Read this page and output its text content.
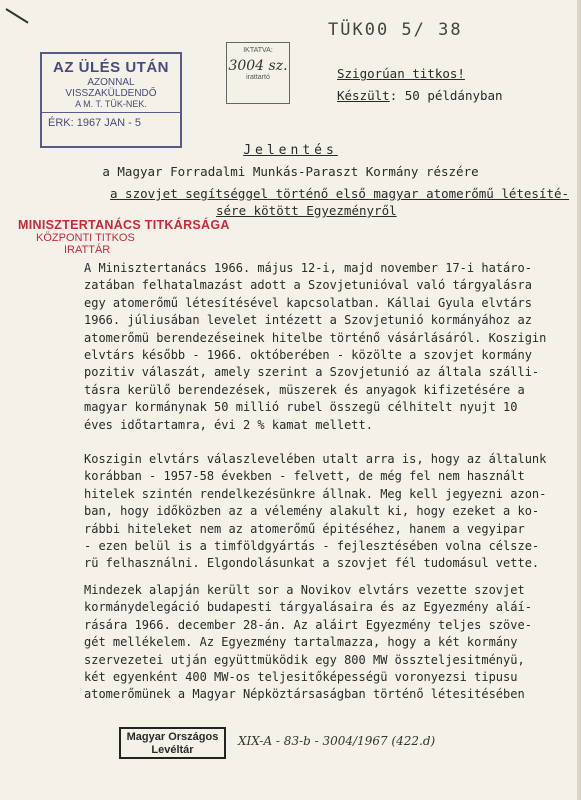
AZ ÜLÉS UTÁN
AZONNAL
VISSZAKÜLDENDŐ
A M. T. TÜK-NEK.
ÉRK: 1967 JAN - 5
IKTATVA:
3004 sz.
irattartó
TÜK00 5/ 38
Szigorúan titkos!
Készült: 50 példányban
Jelentés
a Magyar Forradalmi Munkás-Paraszt Kormány részére
a szovjet segítséggel történő első magyar atomerőmű létesíté-
sére kötött Egyezményről
MINISZTERTANÁCS TITKÁRSÁGA
KÖZPONTI TITKOS
IRATTÁR
A Minisztertanács 1966. május 12-i, majd november 17-i határo-
zatában felhatalmazást adott a Szovjetunióval való tárgyalásra
egy atomerőmű létesítésével kapcsolatban. Kállai Gyula elvtárs
1966. júliusában levelet intézett a Szovjetunió kormányához az
atomerőmü berendezéseinek hitelbe történő vásárlásáról. Koszigin
elvtárs később - 1966. októberében - közölte a szovjet kormány
pozitiv válaszát, amely szerint a Szovjetunió az általa szálli-
tásra kerülő berendezések, müszerek és anyagok kifizetésére a
magyar kormánynak 50 millió rubel összegü célhitelt nyujt 10
éves időtartamra, évi 2 % kamat mellett.
Koszigin elvtárs válaszlevelében utalt arra is, hogy az általunk
korábban - 1957-58 években - felvett, de még fel nem használt
hitelek szintén rendelkezésünkre állnak. Meg kell jegyezni azon-
ban, hogy időközben az a vélemény alakult ki, hogy ezeket a ko-
rábbi hiteleket nem az atomerőmű épitéséhez, hanem a vegyipar
- ezen belül is a timföldgyártás - fejlesztésében volna célsze-
rü felhasználni. Elgondolásunkat a szovjet fél tudomásul vette.
Mindezek alapján került sor a Novikov elvtárs vezette szovjet
kormánydelegáció budapesti tárgyalásaira és az Egyezmény aláí-
rására 1966. december 28-án. Az aláirt Egyezmény teljes szöve-
gét mellékelem. Az Egyezmény tartalmazza, hogy a két kormány
szervezetei utján együttmüködik egy 800 MW összteljesitményü,
két egyenként 400 MW-os teljesitőképességü voronyezsi tipusu
atomerőmünek a Magyar Népköztársaságban történő létesitésében
Magyar Országos
Levéltár
XIX-A - 83-b - 3004/1967 (422.d)
